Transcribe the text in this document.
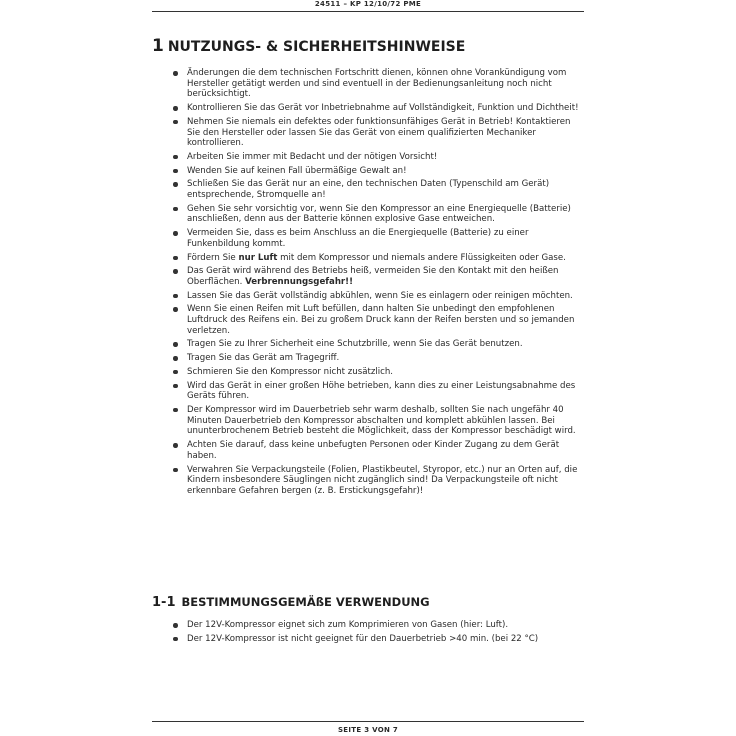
24511 – KP 12/10/72 PME
1 NUTZUNGS- & SICHERHEITSHINWEISE
Änderungen die dem technischen Fortschritt dienen, können ohne Vorankündigung vom Hersteller getätigt werden und sind eventuell in der Bedienungsanleitung noch nicht berücksichtigt.
Kontrollieren Sie das Gerät vor Inbetriebnahme auf Vollständigkeit, Funktion und Dichtheit!
Nehmen Sie niemals ein defektes oder funktionsunfähiges Gerät in Betrieb! Kontaktieren Sie den Hersteller oder lassen Sie das Gerät von einem qualifizierten Mechaniker kontrollieren.
Arbeiten Sie immer mit Bedacht und der nötigen Vorsicht!
Wenden Sie auf keinen Fall übermäßige Gewalt an!
Schließen Sie das Gerät nur an eine, den technischen Daten (Typenschild am Gerät) entsprechende, Stromquelle an!
Gehen Sie sehr vorsichtig vor, wenn Sie den Kompressor an eine Energiequelle (Batterie) anschließen, denn aus der Batterie können explosive Gase entweichen.
Vermeiden Sie, dass es beim Anschluss an die Energiequelle (Batterie) zu einer Funkenbildung kommt.
Fördern Sie nur Luft mit dem Kompressor und niemals andere Flüssigkeiten oder Gase.
Das Gerät wird während des Betriebs heiß, vermeiden Sie den Kontakt mit den heißen Oberflächen. Verbrennungsgefahr!!
Lassen Sie das Gerät vollständig abkühlen, wenn Sie es einlagern oder reinigen möchten.
Wenn Sie einen Reifen mit Luft befüllen, dann halten Sie unbedingt den empfohlenen Luftdruck des Reifens ein. Bei zu großem Druck kann der Reifen bersten und so jemanden verletzen.
Tragen Sie zu Ihrer Sicherheit eine Schutzbrille, wenn Sie das Gerät benutzen.
Tragen Sie das Gerät am Tragegriff.
Schmieren Sie den Kompressor nicht zusätzlich.
Wird das Gerät in einer großen Höhe betrieben, kann dies zu einer Leistungsabnahme des Geräts führen.
Der Kompressor wird im Dauerbetrieb sehr warm deshalb, sollten Sie nach ungefähr 40 Minuten Dauerbetrieb den Kompressor abschalten und komplett abkühlen lassen. Bei ununterbrochenem Betrieb besteht die Möglichkeit, dass der Kompressor beschädigt wird.
Achten Sie darauf, dass keine unbefugten Personen oder Kinder Zugang zu dem Gerät haben.
Verwahren Sie Verpackungsteile (Folien, Plastikbeutel, Styropor, etc.) nur an Orten auf, die Kindern insbesondere Säuglingen nicht zugänglich sind! Da Verpackungsteile oft nicht erkennbare Gefahren bergen (z. B. Erstickungsgefahr)!
1-1 BESTIMMUNGSGEMÄßE VERWENDUNG
Der 12V-Kompressor eignet sich zum Komprimieren von Gasen (hier: Luft).
Der 12V-Kompressor ist nicht geeignet für den Dauerbetrieb >40 min. (bei 22 °C)
SEITE 3 VON 7
